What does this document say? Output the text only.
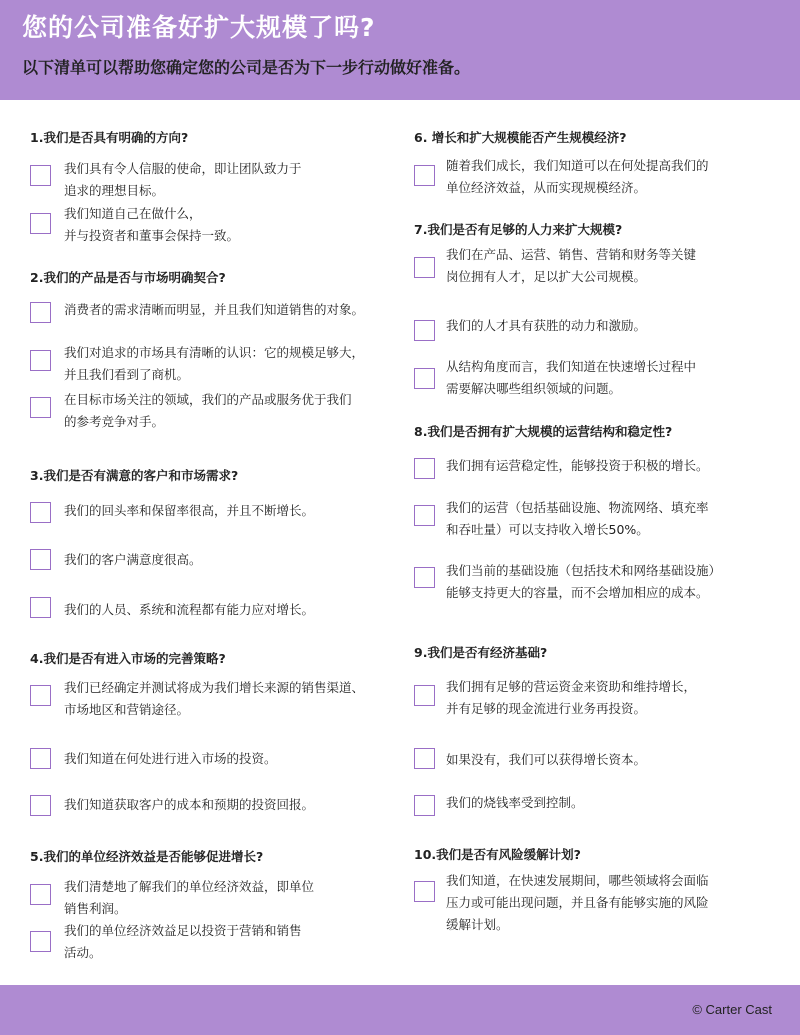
您的公司准备好扩大规模了吗?
以下清单可以帮助您确定您的公司是否为下一步行动做好准备。
1.我们是否具有明确的方向?
我们具有令人信服的使命，即让团队致力于
追求的理想目标。
我们知道自己在做什么，
并与投资者和董事会保持一致。
2.我们的产品是否与市场明确契合?
消费者的需求清晰而明显，并且我们知道销售的对象。
我们对追求的市场具有清晰的认识：它的规模足够大，
并且我们看到了商机。
在目标市场关注的领域，我们的产品或服务优于我们
的参考竞争对手。
3.我们是否有满意的客户和市场需求?
我们的回头率和保留率很高，并且不断增长。
我们的客户满意度很高。
我们的人员、系统和流程都有能力应对增长。
4.我们是否有进入市场的完善策略?
我们已经确定并测试将成为我们增长来源的销售渠道、
市场地区和营销途径。
我们知道在何处进行进入市场的投资。
我们知道获取客户的成本和预期的投资回报。
5.我们的单位经济效益是否能够促进增长?
我们清楚地了解我们的单位经济效益，即单位
销售利润。
我们的单位经济效益足以投资于营销和销售
活动。
6. 增长和扩大规模能否产生规模经济?
随着我们成长，我们知道可以在何处提高我们的
单位经济效益，从而实现规模经济。
7.我们是否有足够的人力来扩大规模?
我们在产品、运营、销售、营销和财务等关键
岗位拥有人才，足以扩大公司规模。
我们的人才具有获胜的动力和激励。
从结构角度而言，我们知道在快速增长过程中
需要解决哪些组织领域的问题。
8.我们是否拥有扩大规模的运营结构和稳定性?
我们拥有运营稳定性，能够投资于积极的增长。
我们的运营（包括基础设施、物流网络、填充率
和吞吐量）可以支持收入增长50%。
我们当前的基础设施（包括技术和网络基础设施）
能够支持更大的容量，而不会增加相应的成本。
9.我们是否有经济基础?
我们拥有足够的营运资金来资助和维持增长，
并有足够的现金流进行业务再投资。
如果没有，我们可以获得增长资本。
我们的烧钱率受到控制。
10.我们是否有风险缓解计划?
我们知道，在快速发展期间，哪些领域将会面临
压力或可能出现问题，并且备有能够实施的风险
缓解计划。
© Carter Cast
